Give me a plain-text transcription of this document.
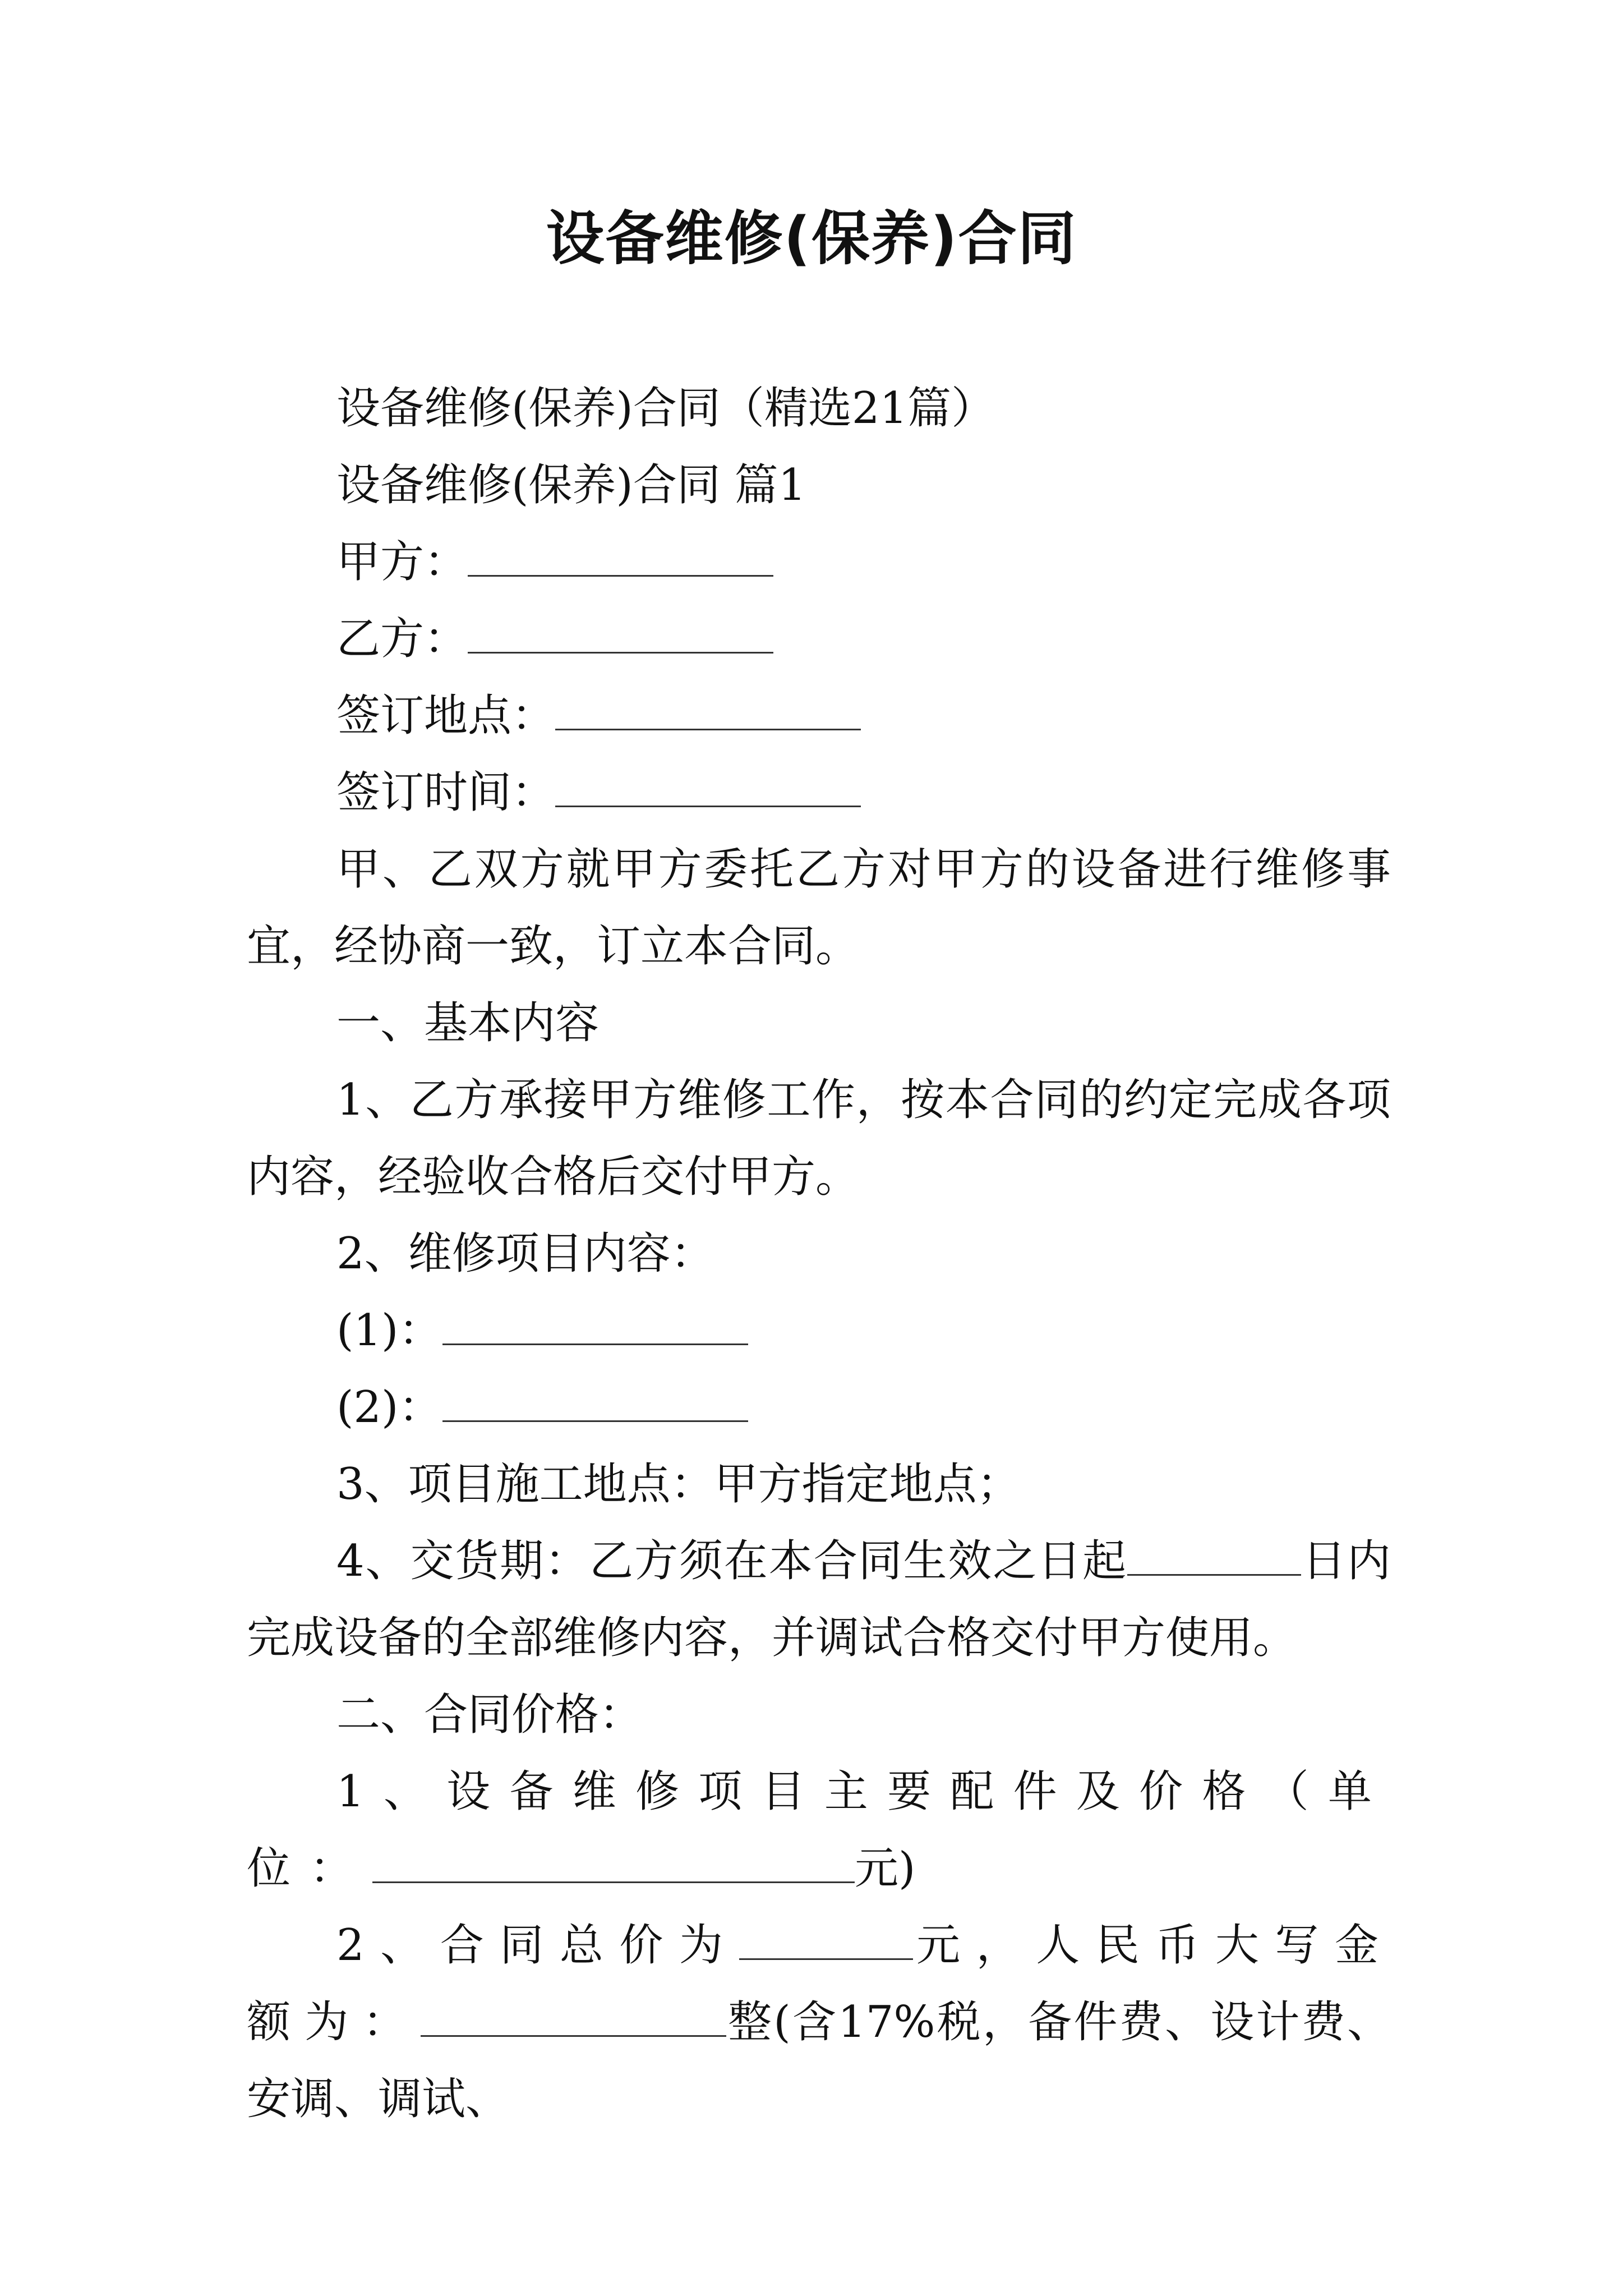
设备维修(保养)合同

设备维修(保养)合同（精选21篇）

设备维修(保养)合同 篇1

甲方：

乙方：

签订地点：

签订时间：

甲、乙双方就甲方委托乙方对甲方的设备进行维修事宜，经协商一致，订立本合同。

一、基本内容

1、乙方承接甲方维修工作，按本合同的约定完成各项内容，经验收合格后交付甲方。

2、维修项目内容：

(1)：

(2)：

3、项目施工地点：甲方指定地点；

4、交货期：乙方须在本合同生效之日起	日内完成设备的全部维修内容，并调试合格交付甲方使用。

二、合同价格：

1、设备维修项目主要配件及价格（单位：	元)

2、合同总价为	元，人民币大写金额为：	整(含17%税，备件费、设计费、安调、调试、
